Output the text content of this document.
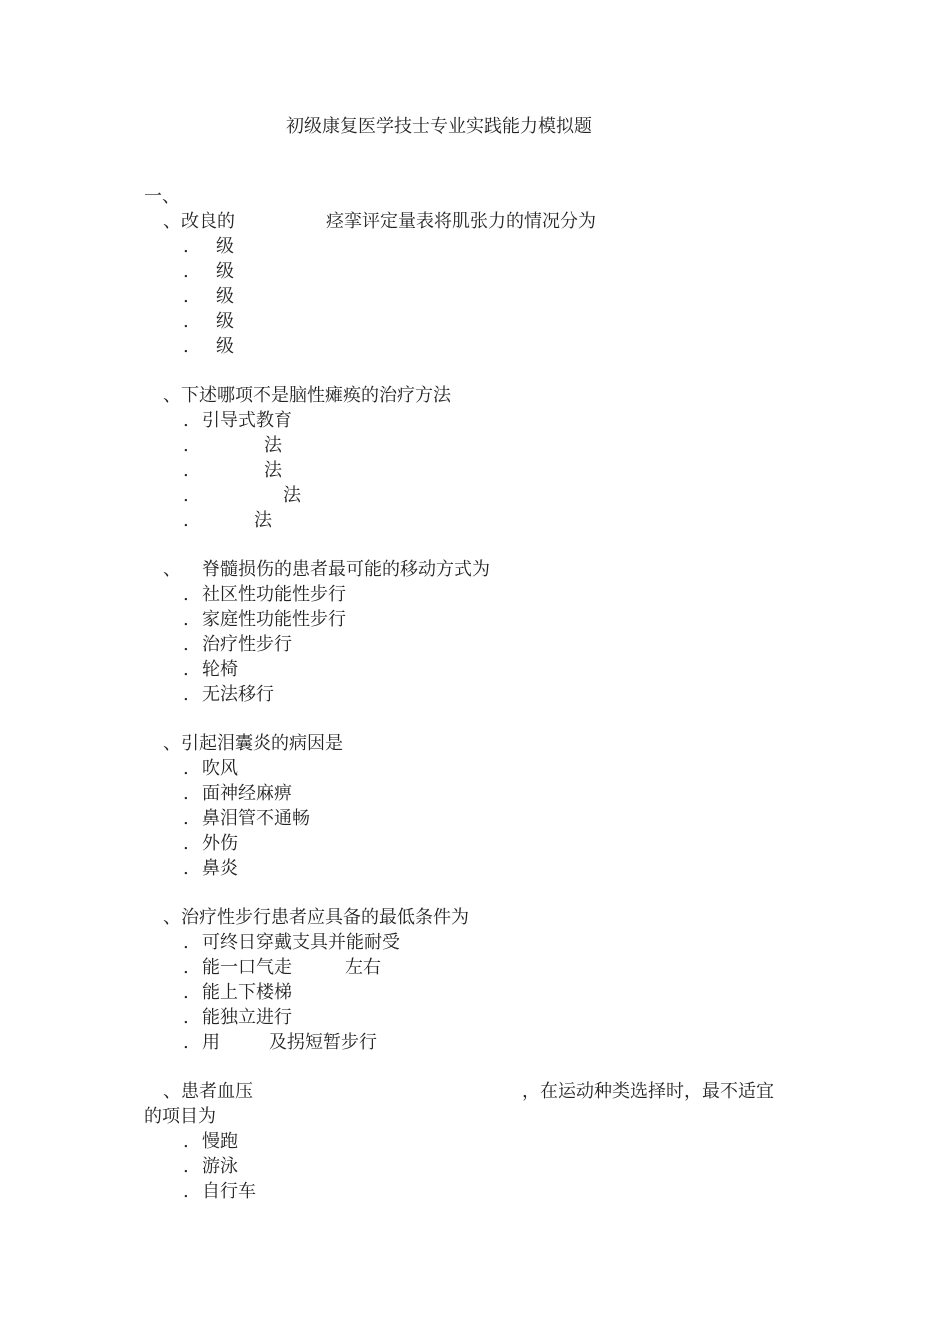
初级康复医学技士专业实践能力模拟题
一、
、改良的	痉挛评定量表将肌张力的情况分为
. 级
. 级
. 级
. 级
. 级
、下述哪项不是脑性瘫痪的治疗方法
. 引导式教育
.	法
.	法
.	法
.	法
、 脊髓损伤的患者最可能的移动方式为
. 社区性功能性步行
. 家庭性功能性步行
. 治疗性步行
. 轮椅
. 无法移行
、引起泪囊炎的病因是
. 吹风
. 面神经麻痹
. 鼻泪管不通畅
. 外伤
. 鼻炎
、治疗性步行患者应具备的最低条件为
. 可终日穿戴支具并能耐受
. 能一口气走	左右
. 能上下楼梯
. 能独立进行
. 用	及拐短暂步行
、患者血压	，在运动种类选择时，最不适宜
的项目为
. 慢跑
. 游泳
. 自行车
